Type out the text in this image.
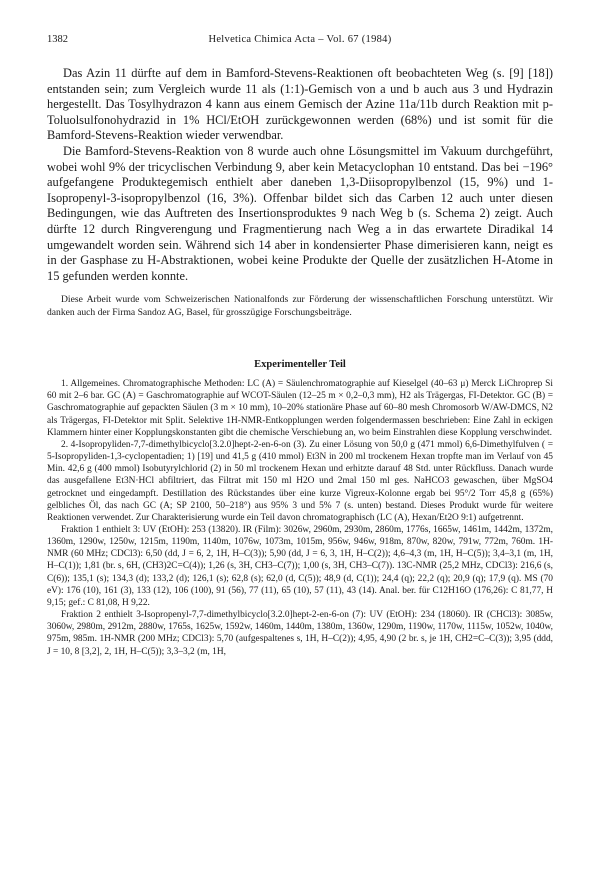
1382	Helvetica Chimica Acta – Vol. 67 (1984)

Das Azin 11 dürfte auf dem in Bamford-Stevens-Reaktionen oft beobachteten Weg (s. [9] [18]) entstanden sein; zum Vergleich wurde 11 als (1:1)-Gemisch von a und b auch aus 3 und Hydrazin hergestellt. Das Tosylhydrazon 4 kann aus einem Gemisch der Azine 11a/11b durch Reaktion mit p-Toluolsulfonohydrazid in 1% HCl/EtOH zurückgewonnen werden (68%) und ist somit für die Bamford-Stevens-Reaktion wieder verwendbar.

Die Bamford-Stevens-Reaktion von 8 wurde auch ohne Lösungsmittel im Vakuum durchgeführt, wobei wohl 9% der tricyclischen Verbindung 9, aber kein Metacyclophan 10 entstand. Das bei −196° aufgefangene Produktegemisch enthielt aber daneben 1,3-Diisopropylbenzol (15, 9%) und 1-Isopropenyl-3-isopropylbenzol (16, 3%). Offenbar bildet sich das Carben 12 auch unter diesen Bedingungen, wie das Auftreten des Insertionsproduktes 9 nach Weg b (s. Schema 2) zeigt. Auch dürfte 12 durch Ringverengung und Fragmentierung nach Weg a in das erwartete Diradikal 14 umgewandelt worden sein. Während sich 14 aber in kondensierter Phase dimerisieren kann, neigt es in der Gasphase zu H-Abstraktionen, wobei keine Produkte der Quelle der zusätzlichen H-Atome in 15 gefunden werden konnte.

Diese Arbeit wurde vom Schweizerischen Nationalfonds zur Förderung der wissenschaftlichen Forschung unterstützt. Wir danken auch der Firma Sandoz AG, Basel, für grosszügige Forschungsbeiträge.

Experimenteller Teil

1. Allgemeines. Chromatographische Methoden: LC (A) = Säulenchromatographie auf Kieselgel (40–63 μ) Merck LiChroprep Si 60 mit 2–6 bar. GC (A) = Gaschromatographie auf WCOT-Säulen (12–25 m × 0,2–0,3 mm), H2 als Trägergas, FI-Detektor. GC (B) = Gaschromatographie auf gepackten Säulen (3 m × 10 mm), 10–20% stationäre Phase auf 60–80 mesh Chromosorb W/AW-DMCS, N2 als Trägergas, FI-Detektor mit Split. Selektive 1H-NMR-Entkopplungen werden folgendermassen beschrieben: Eine Zahl in eckigen Klammern hinter einer Kopplungskonstanten gibt die chemische Verschiebung an, wo beim Einstrahlen diese Kopplung verschwindet.

2. 4-Isopropyliden-7,7-dimethylbicyclo[3.2.0]hept-2-en-6-on (3). Zu einer Lösung von 50,0 g (471 mmol) 6,6-Dimethylfulven ( = 5-Isopropyliden-1,3-cyclopentadien; 1) [19] und 41,5 g (410 mmol) Et3N in 200 ml trockenem Hexan tropfte man im Verlauf von 45 Min. 42,6 g (400 mmol) Isobutyrylchlorid (2) in 50 ml trockenem Hexan und erhitzte darauf 48 Std. unter Rückfluss. Danach wurde das ausgefallene Et3N·HCl abfiltriert, das Filtrat mit 150 ml H2O und 2mal 150 ml ges. NaHCO3 gewaschen, über MgSO4 getrocknet und eingedampft. Destillation des Rückstandes über eine kurze Vigreux-Kolonne ergab bei 95°/2 Torr 45,8 g (65%) gelbliches Öl, das nach GC (A; SP 2100, 50–218°) aus 95% 3 und 5% 7 (s. unten) bestand. Dieses Produkt wurde für weitere Reaktionen verwendet. Zur Charakterisierung wurde ein Teil davon chromatographisch (LC (A), Hexan/Et2O 9:1) aufgetrennt.

Fraktion 1 enthielt 3: UV (EtOH): 253 (13820). IR (Film): 3026w, 2960m, 2930m, 2860m, 1776s, 1665w, 1461m, 1442m, 1372m, 1360m, 1290w, 1250w, 1215m, 1190m, 1140m, 1076w, 1073m, 1015m, 956w, 946w, 918m, 870w, 820w, 791w, 772m, 760m. 1H-NMR (60 MHz; CDCl3): 6,50 (dd, J = 6, 2, 1H, H–C(3)); 5,90 (dd, J = 6, 3, 1H, H–C(2)); 4,6–4,3 (m, 1H, H–C(5)); 3,4–3,1 (m, 1H, H–C(1)); 1,81 (br. s, 6H, (CH3)2C=C(4)); 1,26 (s, 3H, CH3–C(7)); 1,00 (s, 3H, CH3–C(7)). 13C-NMR (25,2 MHz, CDCl3): 216,6 (s, C(6)); 135,1 (s); 134,3 (d); 133,2 (d); 126,1 (s); 62,8 (s); 62,0 (d, C(5)); 48,9 (d, C(1)); 24,4 (q); 22,2 (q); 20,9 (q); 17,9 (q). MS (70 eV): 176 (10), 161 (3), 133 (12), 106 (100), 91 (56), 77 (11), 65 (10), 57 (11), 43 (14). Anal. ber. für C12H16O (176,26): C 81,77, H 9,15; gef.: C 81,08, H 9,22.

Fraktion 2 enthielt 3-Isopropenyl-7,7-dimethylbicyclo[3.2.0]hept-2-en-6-on (7): UV (EtOH): 234 (18060). IR (CHCl3): 3085w, 3060w, 2980m, 2912m, 2880w, 1765s, 1625w, 1592w, 1460m, 1440m, 1380m, 1360w, 1290m, 1190w, 1170w, 1115w, 1052w, 1040w, 975m, 985m. 1H-NMR (200 MHz; CDCl3): 5,70 (aufgespaltenes s, 1H, H–C(2)); 4,95, 4,90 (2 br. s, je 1H, CH2=C–C(3)); 3,95 (ddd, J = 10, 8 [3,2], 2, 1H, H–C(5)); 3,3–3,2 (m, 1H,
